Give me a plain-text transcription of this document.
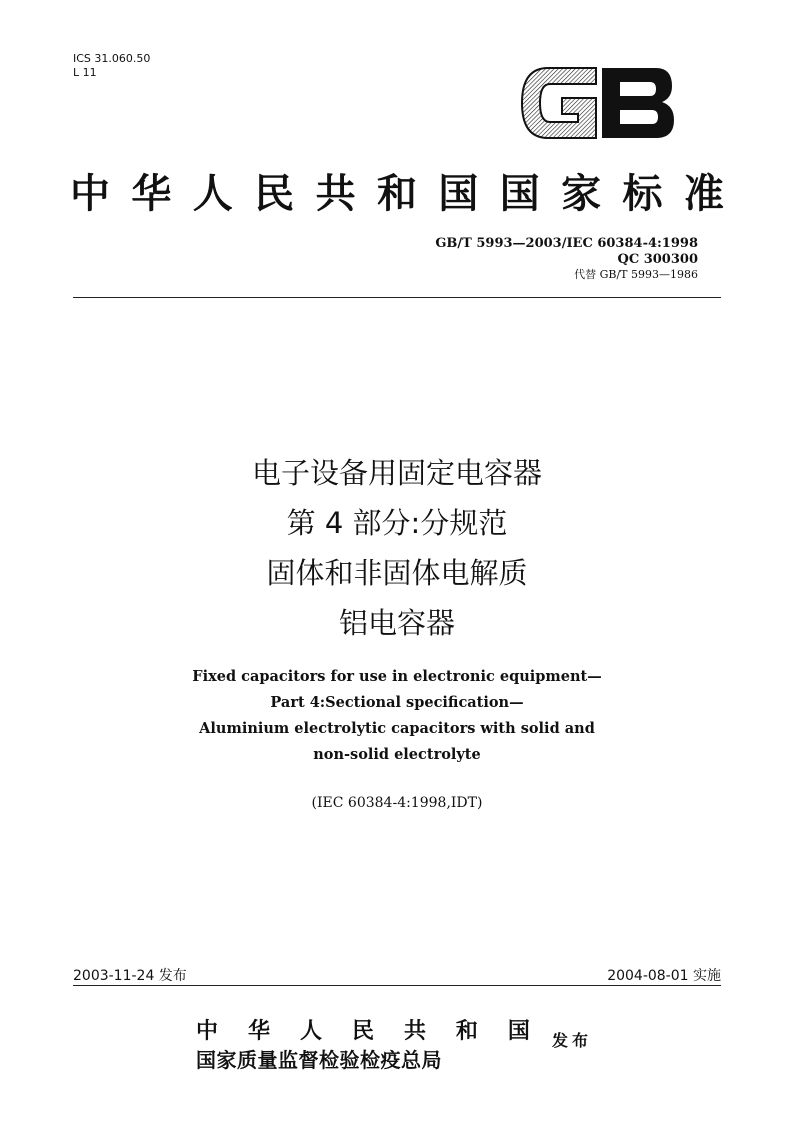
ICS 31.060.50
L 11
GB
中 华 人 民 共 和 国 国 家 标 准
GB/T 5993—2003/IEC 60384-4:1998
QC 300300
代替 GB/T 5993—1986
电子设备用固定电容器
第 4 部分:分规范
固体和非固体电解质
铝电容器
Fixed capacitors for use in electronic equipment—
Part 4:Sectional specification—
Aluminium electrolytic capacitors with solid and
non-solid electrolyte
(IEC 60384-4:1998,IDT)
2003-11-24 发布	2004-08-01 实施
中 华 人 民 共 和 国
国家质量监督检验检疫总局
发布
